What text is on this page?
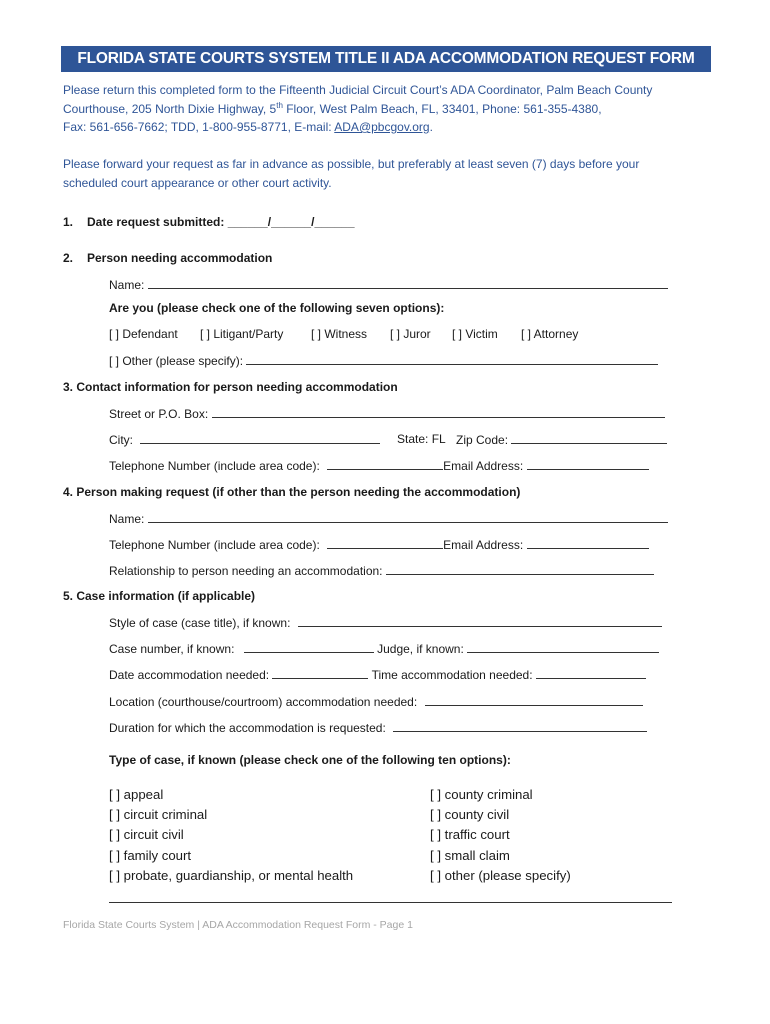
FLORIDA STATE COURTS SYSTEM TITLE II ADA ACCOMMODATION REQUEST FORM
Please return this completed form to the Fifteenth Judicial Circuit Court’s ADA Coordinator, Palm Beach County
Courthouse, 205 North Dixie Highway, 5th Floor, West Palm Beach, FL, 33401, Phone: 561-355-4380,
Fax: 561-656-7662; TDD, 1-800-955-8771, E-mail: ADA@pbcgov.org.
Please forward your request as far in advance as possible, but preferably at least seven (7) days before your
scheduled court appearance or other court activity.
1. Date request submitted: ______/______/______
2. Person needing accommodation
Name:
Are you (please check one of the following seven options):
[ ] Defendant [ ] Litigant/Party [ ] Witness [ ] Juror [ ] Victim [ ] Attorney
[ ] Other (please specify):
3. Contact information for person needing accommodation
Street or P.O. Box:
City:	State: FL Zip Code:
Telephone Number (include area code):	Email Address:
4. Person making request (if other than the person needing the accommodation)
Name:
Telephone Number (include area code):	Email Address:
Relationship to person needing an accommodation:
5. Case information (if applicable)
Style of case (case title), if known:
Case number, if known:	Judge, if known:
Date accommodation needed:	Time accommodation needed:
Location (courthouse/courtroom) accommodation needed:
Duration for which the accommodation is requested:
Type of case, if known (please check one of the following ten options):
[ ] appeal
[ ] circuit criminal
[ ] circuit civil
[ ] family court
[ ] probate, guardianship, or mental health
[ ] county criminal
[ ] county civil
[ ] traffic court
[ ] small claim
[ ] other (please specify)
Florida State Courts System | ADA Accommodation Request Form - Page 1
